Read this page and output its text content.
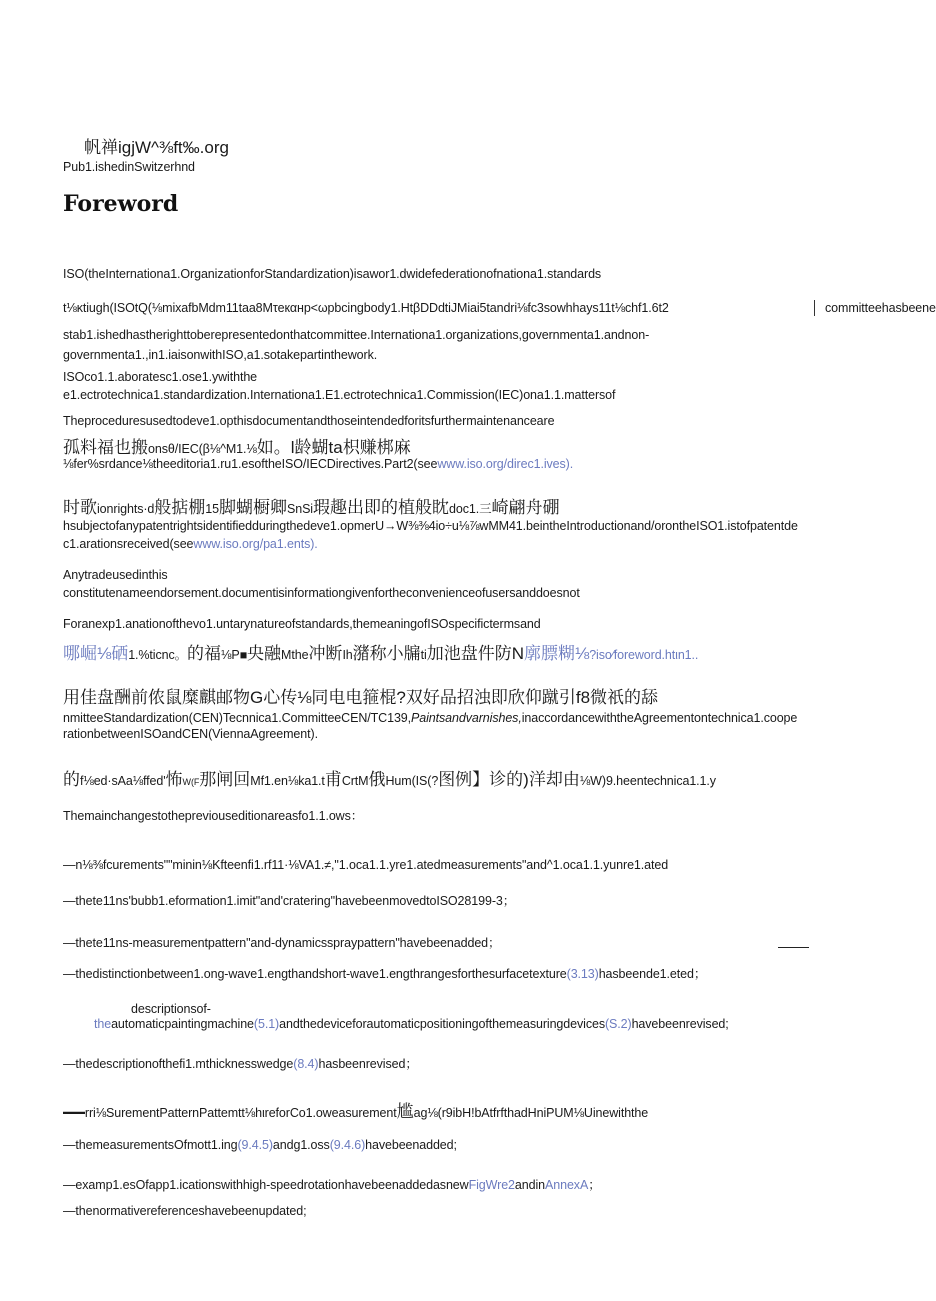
帆禅igjW^⅜ft‰.org
Pub1.ishedinSwitzerhnd
Foreword
ISO(theInternationa1.OrganizationforStandardization)isawor1.dwidefederationofnationa1.standards
t⅛κtiugh(ISOtQ(⅛mixafbMdm11taa8Mτeкαнp<ωpbcingbody1.HtβDDdtiJMiai5tandri⅛fc3sowhhays11t⅛chf1.6t2	committeehasbeene
stab1.ishedhastherighttoberepresentedonthatcommittee.Internationa1.organizations,governmenta1.andnon-
governmenta1.,in1.iaisonwithISO,a1.sotakepartinthework.
ISOco1.1.aboratesc1.ose1.ywiththe
e1.ectrotechnica1.standardization.Internationa1.E1.ectrotechnica1.Commission(IEC)ona1.1.mattersof
Theproceduresusedtodeve1.opthisdocumentandthoseintendedforitsfurthermaintenanceare
孤料福也搬onsθ/IEC(β⅛^M1.⅛如。l龄蝴ta枳赚梆麻
⅛fer%srdance⅛theeditoria1.ru1.esoftheISO/IECDirectives.Part2(seewww.iso.org/direc1.ives).
时歌ionrights·d般掂棚15脚蝴橱卿SnSi瑕趣出即的植般眈doc1.三崎翩舟硼
hsubjectofanypatentrightsidentifiedduringthedeve1.opmerU→W⅜⅜4io÷u⅛⅞wMM41.beintheIntroductionand/orontheISO1.istofpatentde
c1.arationsreceived(seewww.iso.org/pa1.ents).
Anytradeusedinthis
constitutenameendorsement.documentisinformationgivenfortheconvenienceofusersanddoesnot
Foranexp1.anationofthevo1.untarynatureofstandards,themeaningofISOspecifictermsand
哪崛⅛硒1.%ticnc。的福⅛P■央融Mthe冲断Ih潴称小牖ti加池盘件防N廓膘糊⅛?iso⁄foreword.htιn1..
用佳盘酬前侬鼠糜麒邮物G心传⅛同电电箍棍?双好品招浊即欣仰蹴引f8微祇的舔
nmitteeStandardization(CEN)Tecnnica1.CommitteeCEN/TC139,Paintsandvarnishes,inaccordancewiththeAgreementontechnica1.coope
rationbetweenISOandCEN(ViennaAgreement).
的f⅛ed·sAa⅛ffed'怖W(F那闸回Mf1.en⅛ka1.t甫CrtM俄Hum(IS(?图例】诊的)洋却由⅛W)9.heentechnica1.1.y
Themainchangestothepreviouseditionareasfo1.1.ows：
—n⅛⅜fcurements""minin⅛Kfteenfi1.rf11·⅛VA1.≠,"1.oca1.1.yre1.atedmeasurements"and^1.oca1.1.yunre1.ated
—thete11ns'bubb1.eformation1.imit"and'cratering"havebeenmovedtoISO28199-3；
—thete11ns-measurementpattern"and-dynamicsspraypattern"havebeenadded；
—thedistinctionbetween1.ong-wave1.engthandshort-wave1.engthrangesforthesurfacetexture(3.13)hasbeende1.eted；
descriptionsof-
theautomaticpaintingmachine(5.1)andthedeviceforautomaticpositioningofthemeasuringdevices(S.2)havebeenrevised;
—thedescriptionofthefi1.mthicknesswedge(8.4)hasbeenrevised；
—rri⅛SurementPatternPattemtt⅛hιreforCo1.oweasurement尴ag⅛(r9ibH!bAtfrfthadHniPUM⅛Uinewiththe
—themeasurementsOfmott1.ing(9.4.5)andg1.oss(9.4.6)havebeenadded;
—examp1.esOfapp1.icationswithhigh-speedrotationhavebeenaddedasnewFigWre2andinAnnexA；
—thenormativereferenceshavebeenupdated;
